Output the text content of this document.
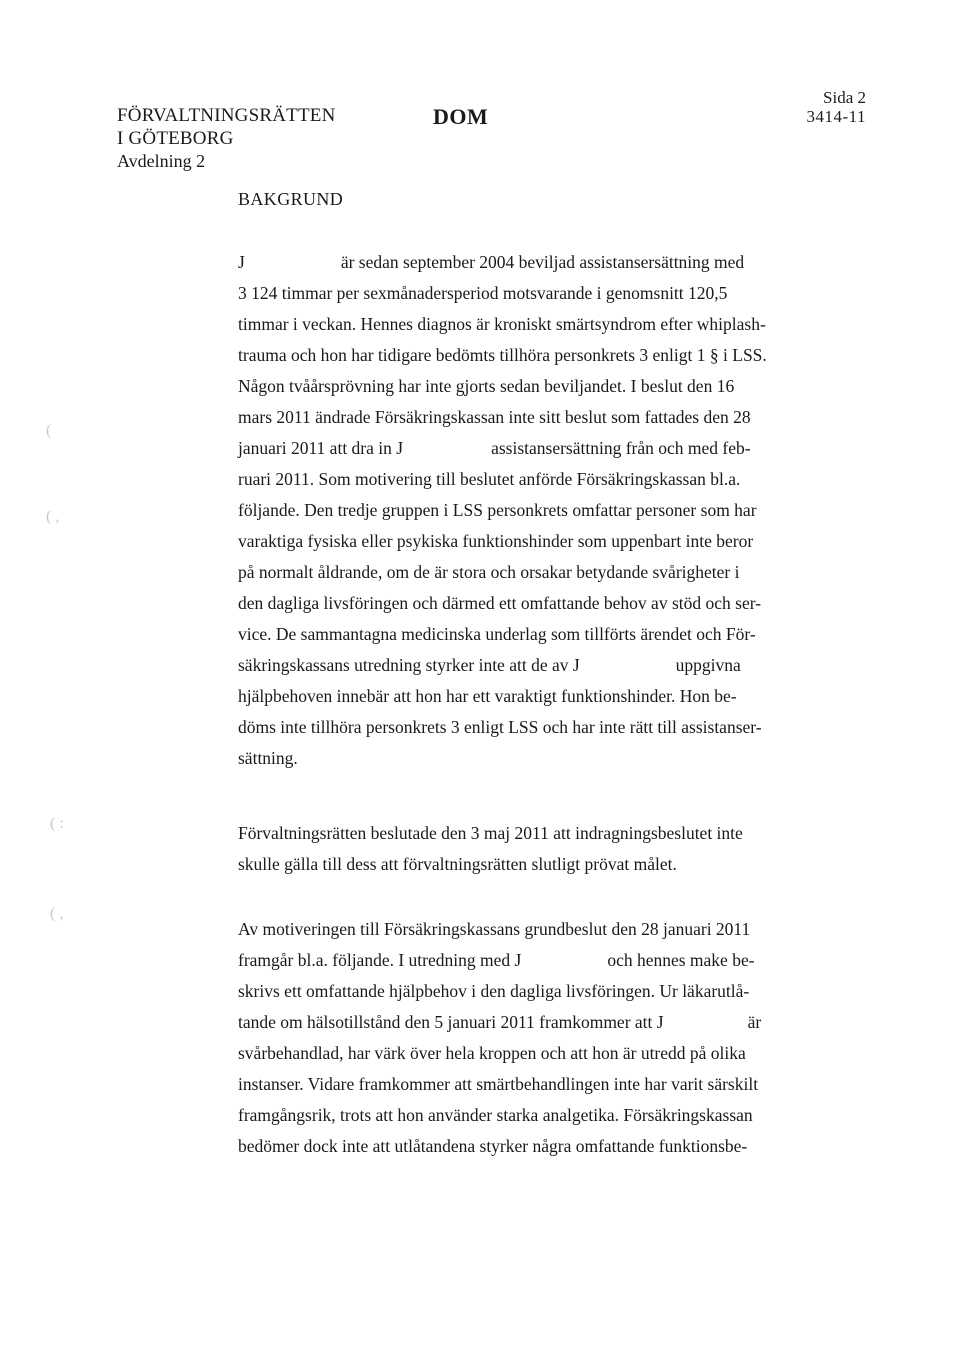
FÖRVALTNINGSRÄTTEN
I GÖTEBORG
Avdelning 2
DOM
Sida 2
3414-11
BAKGRUND
J	är sedan september 2004 beviljad assistansersättning med
3 124 timmar per sexmånadersperiod motsvarande i genomsnitt 120,5
timmar i veckan. Hennes diagnos är kroniskt smärtsyndrom efter whiplash-
trauma och hon har tidigare bedömts tillhöra personkrets 3 enligt 1 § i LSS.
Någon tvåårsprövning har inte gjorts sedan beviljandet. I beslut den 16
mars 2011 ändrade Försäkringskassan inte sitt beslut som fattades den 28
januari 2011 att dra in J	assistansersättning från och med feb-
ruari 2011. Som motivering till beslutet anförde Försäkringskassan bl.a.
följande. Den tredje gruppen i LSS personkrets omfattar personer som har
varaktiga fysiska eller psykiska funktionshinder som uppenbart inte beror
på normalt åldrande, om de är stora och orsakar betydande svårigheter i
den dagliga livsföringen och därmed ett omfattande behov av stöd och ser-
vice. De sammantagna medicinska underlag som tillförts ärendet och För-
säkringskassans utredning styrker inte att de av J	uppgivna
hjälpbehoven innebär att hon har ett varaktigt funktionshinder. Hon be-
döms inte tillhöra personkrets 3 enligt LSS och har inte rätt till assistanser-
sättning.
Förvaltningsrätten beslutade den 3 maj 2011 att indragningsbeslutet inte
skulle gälla till dess att förvaltningsrätten slutligt prövat målet.
Av motiveringen till Försäkringskassans grundbeslut den 28 januari 2011
framgår bl.a. följande. I utredning med J	och hennes make be-
skrivs ett omfattande hjälpbehov i den dagliga livsföringen. Ur läkarutlå-
tande om hälsotillstånd den 5 januari 2011 framkommer att J	är
svårbehandlad, har värk över hela kroppen och att hon är utredd på olika
instanser. Vidare framkommer att smärtbehandlingen inte har varit särskilt
framgångsrik, trots att hon använder starka analgetika. Försäkringskassan
bedömer dock inte att utlåtandena styrker några omfattande funktionsbe-
(
( ,
( :
( ,
